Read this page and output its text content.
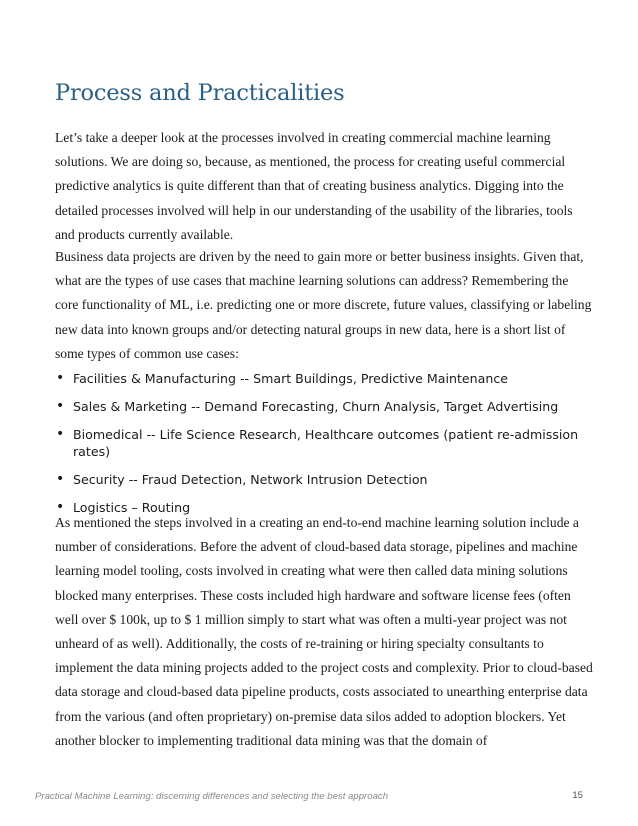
Process and Practicalities

Let’s take a deeper look at the processes involved in creating commercial machine learning solutions. We are doing so, because, as mentioned, the process for creating useful commercial predictive analytics is quite different than that of creating business analytics. Digging into the detailed processes involved will help in our understanding of the usability of the libraries, tools and products currently available.

Business data projects are driven by the need to gain more or better business insights. Given that, what are the types of use cases that machine learning solutions can address? Remembering the core functionality of ML, i.e. predicting one or more discrete, future values, classifying or labeling new data into known groups and/or detecting natural groups in new data, here is a short list of some types of common use cases:

• Facilities & Manufacturing -- Smart Buildings, Predictive Maintenance
• Sales & Marketing -- Demand Forecasting, Churn Analysis, Target Advertising
• Biomedical -- Life Science Research, Healthcare outcomes (patient re-admission rates)
• Security -- Fraud Detection, Network Intrusion Detection
• Logistics – Routing

As mentioned the steps involved in a creating an end-to-end machine learning solution include a number of considerations. Before the advent of cloud-based data storage, pipelines and machine learning model tooling, costs involved in creating what were then called data mining solutions blocked many enterprises. These costs included high hardware and software license fees (often well over $ 100k, up to $ 1 million simply to start what was often a multi-year project was not unheard of as well). Additionally, the costs of re-training or hiring specialty consultants to implement the data mining projects added to the project costs and complexity. Prior to cloud-based data storage and cloud-based data pipeline products, costs associated to unearthing enterprise data from the various (and often proprietary) on-premise data silos added to adoption blockers. Yet another blocker to implementing traditional data mining was that the domain of

Practical Machine Learning: discerning differences and selecting the best approach	15
